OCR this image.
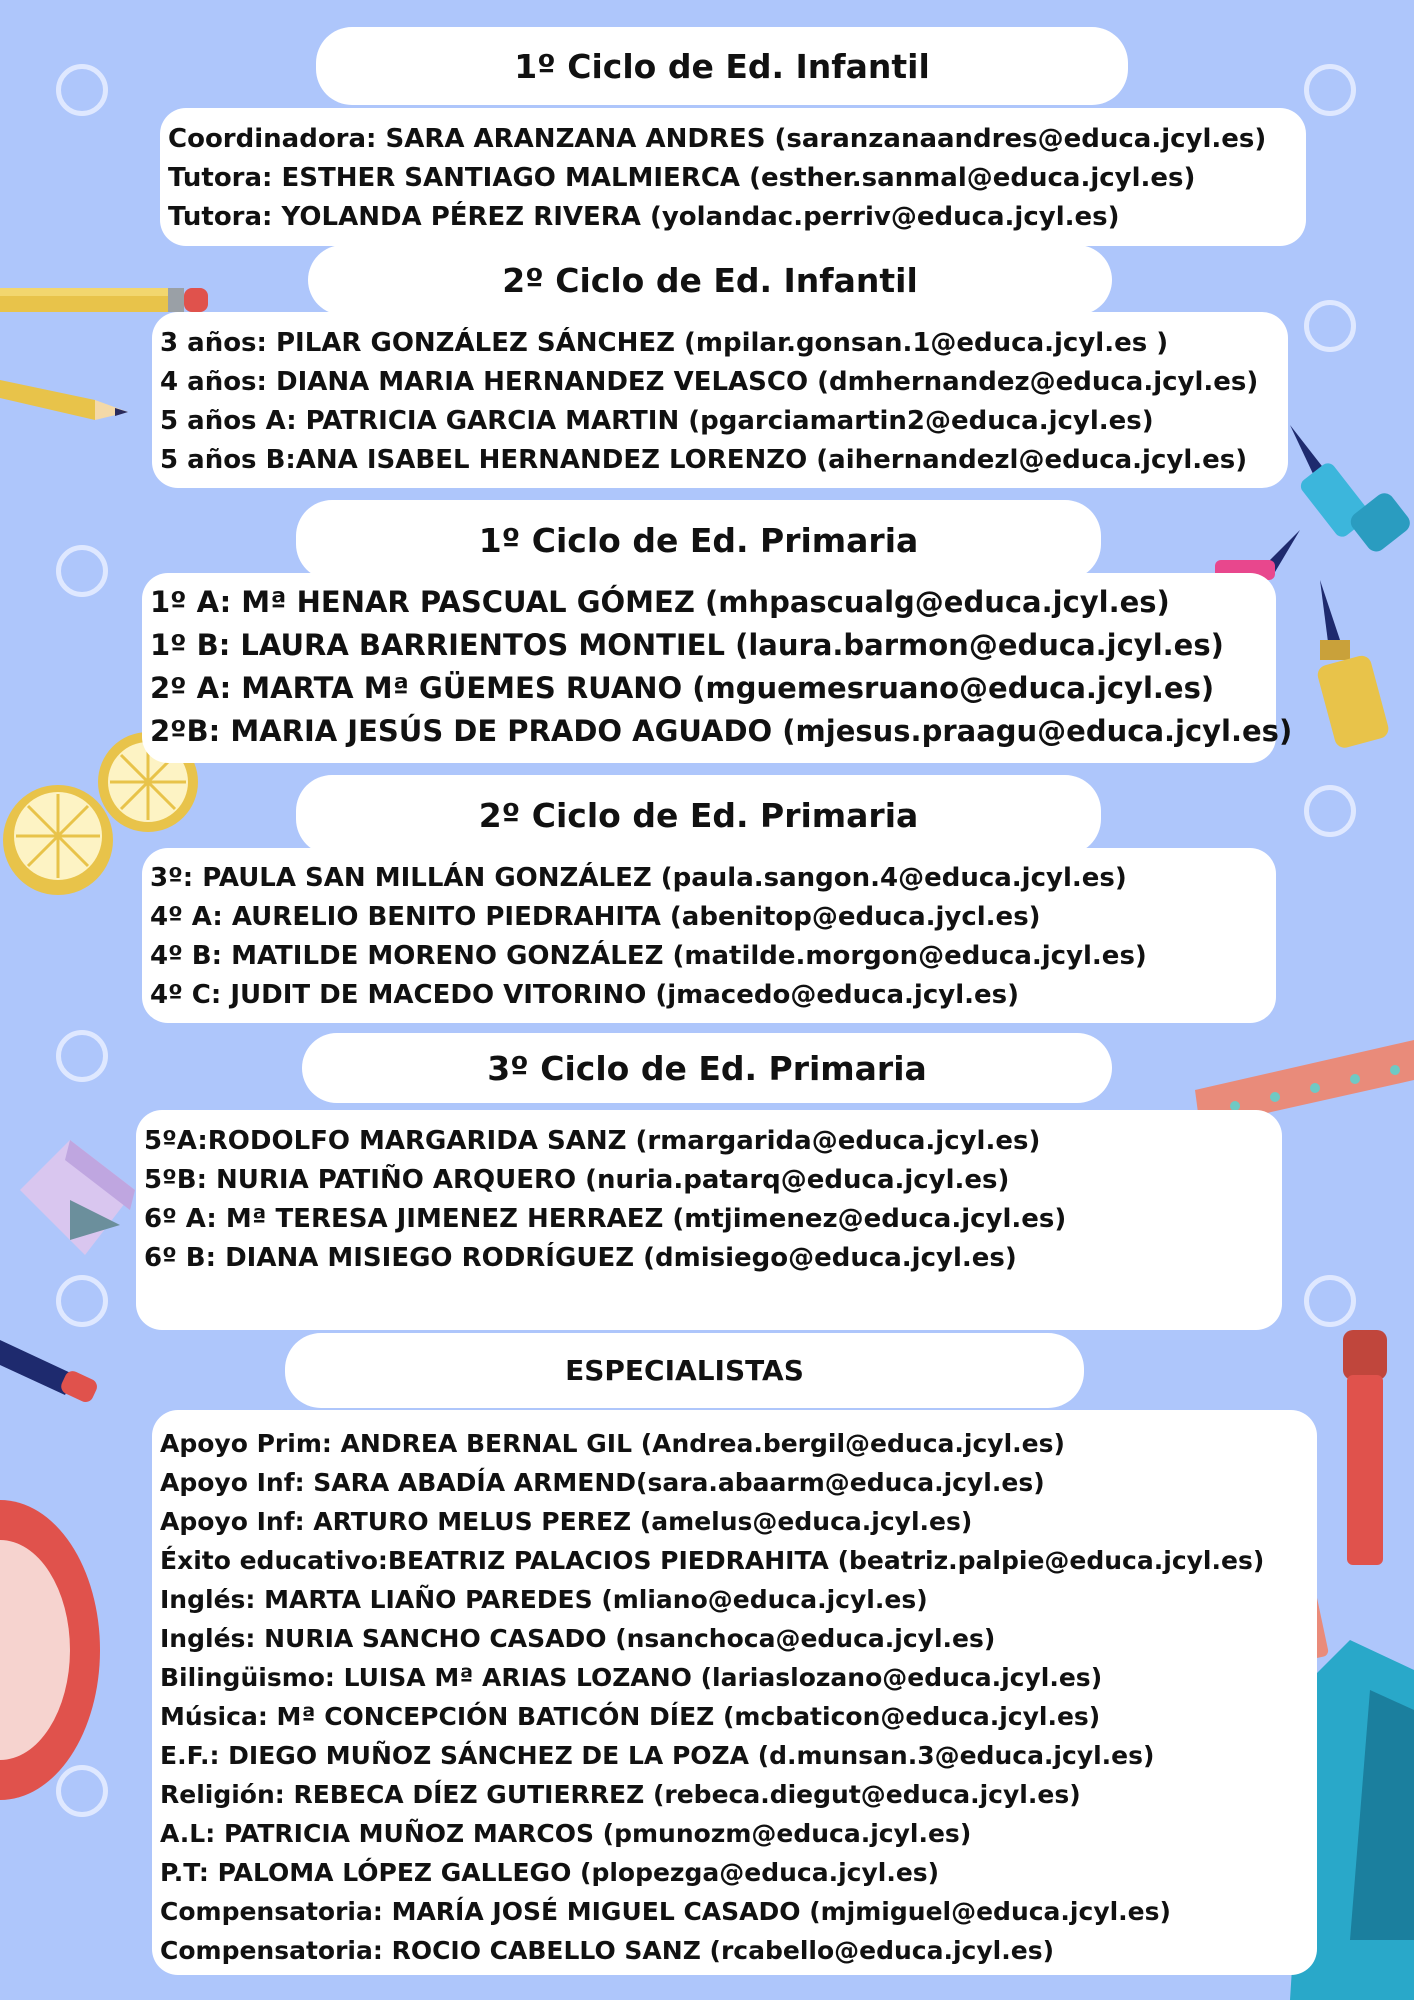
1º Ciclo de Ed. Infantil
Coordinadora: SARA ARANZANA ANDRES (saranzanaandres@educa.jcyl.es)
Tutora: ESTHER SANTIAGO MALMIERCA (esther.sanmal@educa.jcyl.es)
Tutora: YOLANDA PÉREZ RIVERA (yolandac.perriv@educa.jcyl.es)
2º Ciclo de Ed. Infantil
3 años: PILAR GONZÁLEZ SÁNCHEZ (mpilar.gonsan.1@educa.jcyl.es )
4 años: DIANA MARIA HERNANDEZ VELASCO (dmhernandez@educa.jcyl.es)
5 años A: PATRICIA GARCIA MARTIN (pgarciamartin2@educa.jcyl.es)
5 años B:ANA ISABEL HERNANDEZ LORENZO (aihernandezl@educa.jcyl.es)
1º Ciclo de Ed. Primaria
1º A: Mª HENAR PASCUAL GÓMEZ (mhpascualg@educa.jcyl.es)
1º B: LAURA BARRIENTOS MONTIEL (laura.barmon@educa.jcyl.es)
2º A: MARTA Mª GÜEMES RUANO (mguemesruano@educa.jcyl.es)
2ºB: MARIA JESÚS DE PRADO AGUADO (mjesus.praagu@educa.jcyl.es)
2º Ciclo de Ed. Primaria
3º: PAULA SAN MILLÁN GONZÁLEZ (paula.sangon.4@educa.jcyl.es)
4º A: AURELIO BENITO PIEDRAHITA (abenitop@educa.jycl.es)
4º B: MATILDE MORENO GONZÁLEZ (matilde.morgon@educa.jcyl.es)
4º C: JUDIT DE MACEDO VITORINO (jmacedo@educa.jcyl.es)
3º Ciclo de Ed. Primaria
5ºA:RODOLFO MARGARIDA SANZ (rmargarida@educa.jcyl.es)
5ºB: NURIA PATIÑO ARQUERO (nuria.patarq@educa.jcyl.es)
6º A: Mª TERESA JIMENEZ HERRAEZ (mtjimenez@educa.jcyl.es)
6º B: DIANA MISIEGO RODRÍGUEZ (dmisiego@educa.jcyl.es)
ESPECIALISTAS
Apoyo Prim: ANDREA BERNAL GIL (Andrea.bergil@educa.jcyl.es)
Apoyo Inf: SARA ABADÍA ARMEND(sara.abaarm@educa.jcyl.es)
Apoyo Inf: ARTURO MELUS PEREZ (amelus@educa.jcyl.es)
Éxito educativo:BEATRIZ PALACIOS PIEDRAHITA (beatriz.palpie@educa.jcyl.es)
Inglés: MARTA LIAÑO PAREDES (mliano@educa.jcyl.es)
Inglés: NURIA SANCHO CASADO (nsanchoca@educa.jcyl.es)
Bilingüismo: LUISA Mª ARIAS LOZANO (lariaslozano@educa.jcyl.es)
Música: Mª CONCEPCIÓN BATICÓN DÍEZ (mcbaticon@educa.jcyl.es)
E.F.: DIEGO MUÑOZ SÁNCHEZ DE LA POZA (d.munsan.3@educa.jcyl.es)
Religión: REBECA DÍEZ GUTIERREZ (rebeca.diegut@educa.jcyl.es)
A.L: PATRICIA MUÑOZ MARCOS (pmunozm@educa.jcyl.es)
P.T: PALOMA LÓPEZ GALLEGO (plopezga@educa.jcyl.es)
Compensatoria: MARÍA JOSÉ MIGUEL CASADO (mjmiguel@educa.jcyl.es)
Compensatoria: ROCIO CABELLO SANZ (rcabello@educa.jcyl.es)
